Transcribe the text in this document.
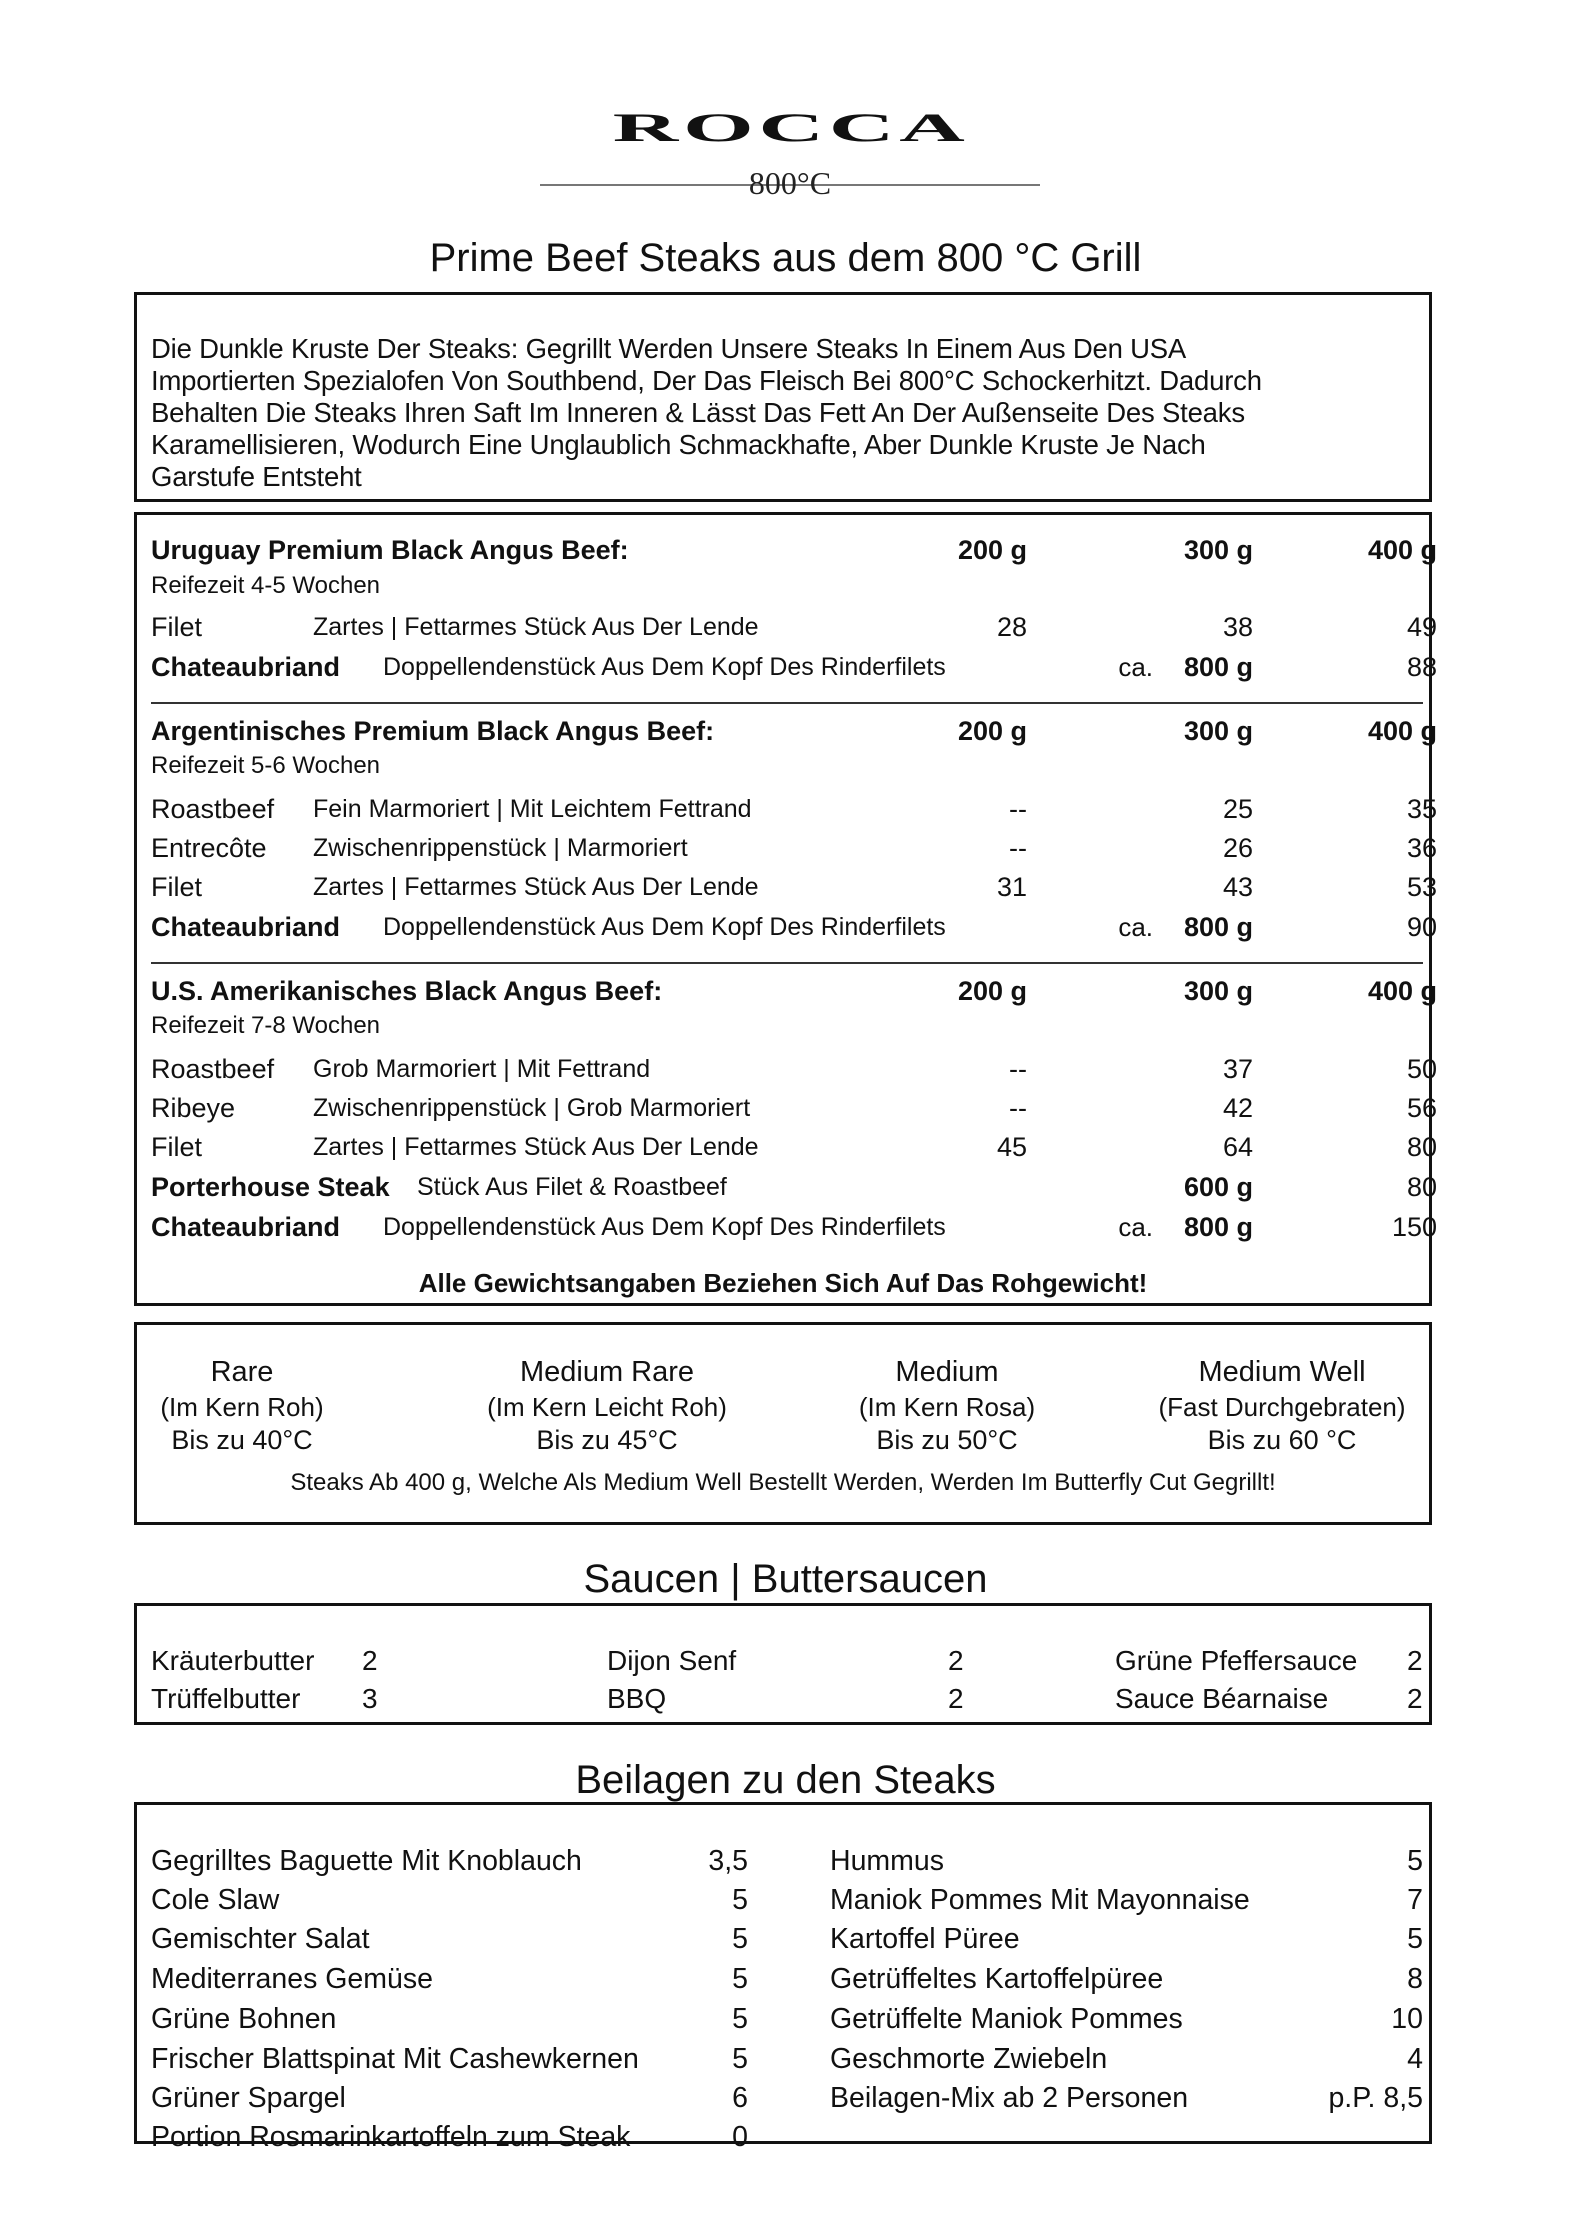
ROCCA
800°C
Prime Beef Steaks aus dem 800 °C Grill
Die Dunkle Kruste Der Steaks: Gegrillt Werden Unsere Steaks In Einem Aus Den USA
Importierten Spezialofen Von Southbend, Der Das Fleisch Bei 800°C Schockerhitzt. Dadurch
Behalten Die Steaks Ihren Saft Im Inneren & Lässt Das Fett An Der Außenseite Des Steaks
Karamellisieren, Wodurch Eine Unglaublich Schmackhafte, Aber Dunkle Kruste Je Nach
Garstufe Entsteht
Uruguay Premium Black Angus Beef:	200 g	300 g	400 g
Reifezeit 4-5 Wochen
Filet	Zartes | Fettarmes Stück Aus Der Lende	28	38	49
Chateaubriand Doppellendenstück Aus Dem Kopf Des Rinderfilets	ca. 800 g	88
Argentinisches Premium Black Angus Beef:	200 g	300 g	400 g
Reifezeit 5-6 Wochen
Roastbeef Fein Marmoriert | Mit Leichtem Fettrand	--	25	35
Entrecôte Zwischenrippenstück | Marmoriert	--	26	36
Filet	Zartes | Fettarmes Stück Aus Der Lende	31	43	53
Chateaubriand Doppellendenstück Aus Dem Kopf Des Rinderfilets	ca. 800 g	90
U.S. Amerikanisches Black Angus Beef:	200 g	300 g	400 g
Reifezeit 7-8 Wochen
Roastbeef Grob Marmoriert | Mit Fettrand	--	37	50
Ribeye	Zwischenrippenstück | Grob Marmoriert	--	42	56
Filet	Zartes | Fettarmes Stück Aus Der Lende	45	64	80
Porterhouse Steak Stück Aus Filet & Roastbeef	600 g	80
Chateaubriand Doppellendenstück Aus Dem Kopf Des Rinderfilets	ca. 800 g	150
Alle Gewichtsangaben Beziehen Sich Auf Das Rohgewicht!
Rare
(Im Kern Roh)
Bis zu 40°C
Medium Rare
(Im Kern Leicht Roh)
Bis zu 45°C
Medium
(Im Kern Rosa)
Bis zu 50°C
Medium Well
(Fast Durchgebraten)
Bis zu 60 °C
Steaks Ab 400 g, Welche Als Medium Well Bestellt Werden, Werden Im Butterfly Cut Gegrillt!
Saucen | Buttersaucen
Kräuterbutter 2
Trüffelbutter 3
Dijon Senf	2
BBQ	2
Grüne Pfeffersauce 2
Sauce Béarnaise	2
Beilagen zu den Steaks
Gegrilltes Baguette Mit Knoblauch	3,5
Cole Slaw	5
Gemischter Salat	5
Mediterranes Gemüse	5
Grüne Bohnen	5
Frischer Blattspinat Mit Cashewkernen	5
Grüner Spargel	6
Portion Rosmarinkartoffeln zum Steak	0
Hummus	5
Maniok Pommes Mit Mayonnaise	7
Kartoffel Püree	5
Getrüffeltes Kartoffelpüree	8
Getrüffelte Maniok Pommes	10
Geschmorte Zwiebeln	4
Beilagen-Mix ab 2 Personen	p.P. 8,5
